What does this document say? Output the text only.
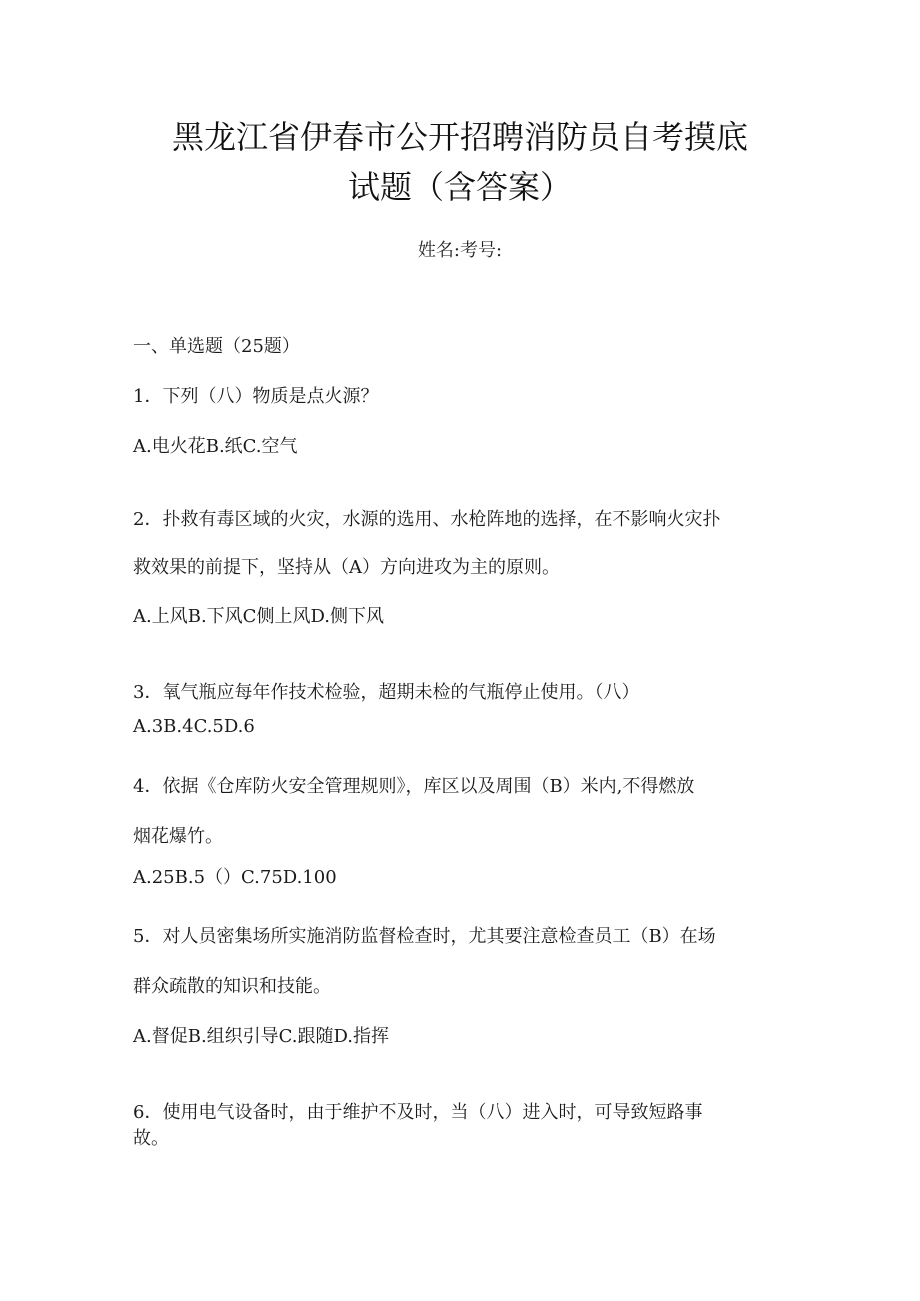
黑龙江省伊春市公开招聘消防员自考摸底
试题（含答案）
姓名:考号:
一、单选题（25题）
1．下列（八）物质是点火源？
A.电火花B.纸C.空气
2．扑救有毒区域的火灾，水源的选用、水枪阵地的选择，在不影响火灾扑
救效果的前提下，坚持从（A）方向进攻为主的原则。
A.上风B.下风C侧上风D.侧下风
3．氧气瓶应每年作技术检验，超期未检的气瓶停止使用。（八）
A.3B.4C.5D.6
4．依据《仓库防火安全管理规则》，库区以及周围（B）米内,不得燃放
烟花爆竹。
A.25B.5（）C.75D.100
5．对人员密集场所实施消防监督检查时，尤其要注意检查员工（B）在场
群众疏散的知识和技能。
A.督促B.组织引导C.跟随D.指挥
6．使用电气设备时，由于维护不及时，当（八）进入时，可导致短路事
故。
